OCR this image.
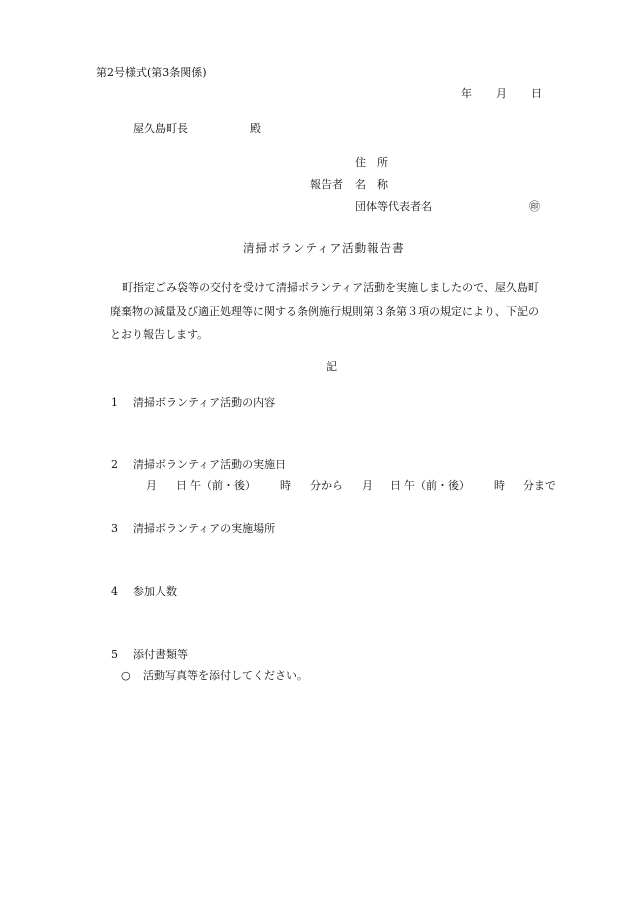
第2号様式(第3条関係)
年 月 日
屋久島町長	殿
住　所
報告者 名　称
団体等代表者名	㊞
清掃ボランティア活動報告書
町指定ごみ袋等の交付を受けて清掃ボランティア活動を実施しましたので、屋久島町
廃棄物の減量及び適正処理等に関する条例施行規則第３条第３項の規定により、下記の
とおり報告します。
記
1 清掃ボランティア活動の内容
2 清掃ボランティア活動の実施日
月 日 午（前・後） 時 分から 月 日 午（前・後） 時 分まで
3 清掃ボランティアの実施場所
4 参加人数
5 添付書類等
○ 活動写真等を添付してください。
